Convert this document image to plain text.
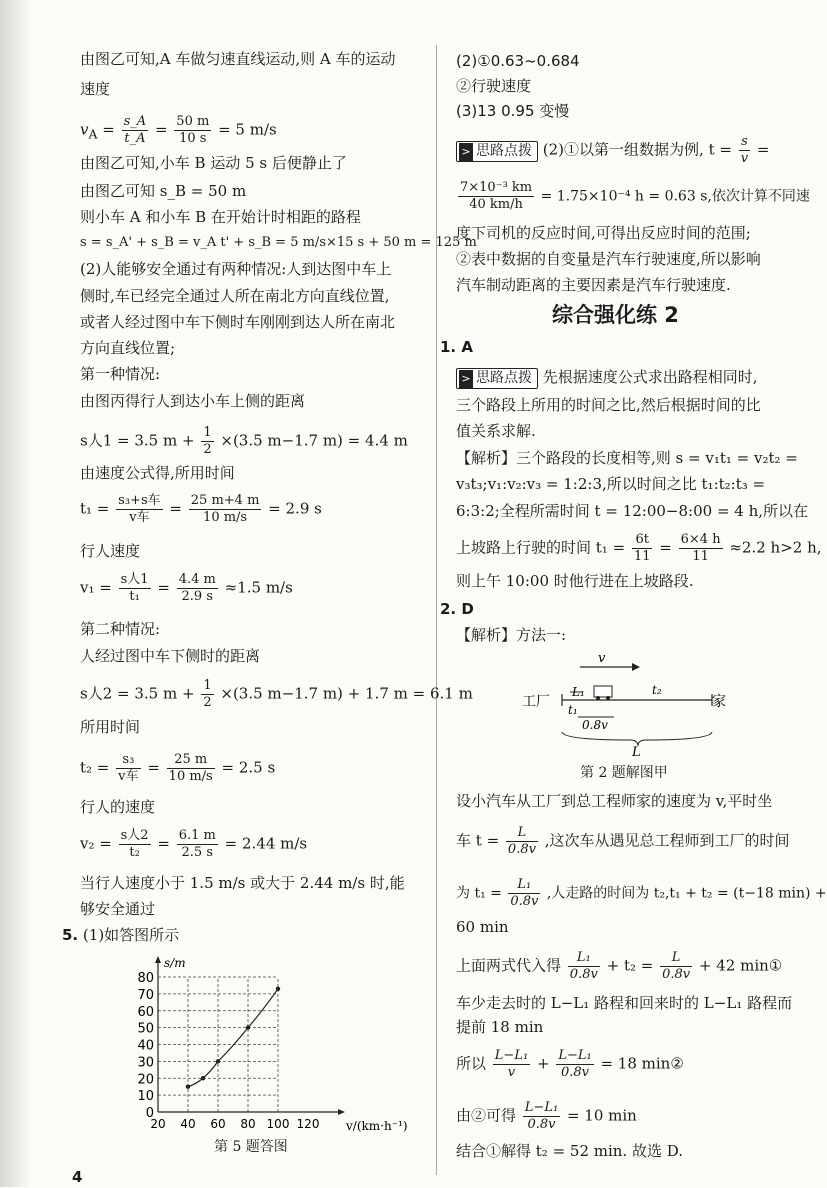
由图乙可知,A 车做匀速直线运动,则 A 车的运动
速度
$v_A = \frac{s\_A}{t\_A} = \frac{50 m}{10 s} = 5$ m/s
由图乙可知,小车 B 运动 5 s 后便静止了
由图乙可知 s_B = 50 m
则小车 A 和小车 B 在开始计时相距的路程
s = s_A' + s_B = v_A t' + s_B = 5 m/s×15 s + 50 m = 125 m
(2)人能够安全通过有两种情况:人到达图中车上
侧时,车已经完全通过人所在南北方向直线位置,
或者人经过图中车下侧时车刚刚到达人所在南北
方向直线位置;
第一种情况:
由图丙得行人到达小车上侧的距离
s人1 = 3.5 $m + \frac{1}{2} \times(3.5$ m−1.7 m) = 4.4 m
由速度公式得,所用时间
$t_1 = \frac{\text{s₃+s车}}{\text{v车}} = \frac{25 m+4 m}{10 m/s} = 2.9$ s
行人速度
$v_1 = \frac{\text{s人1}}{\text{t₁}} = \frac{4.4 m}{2.9 s} \approx 1.5$ m/s
第二种情况:
人经过图中车下侧时的距离
s人2 = 3.5 $m + \frac{1}{2} \times(3.5$ m−1.7 m) + 1.7 m = 6.1 m
所用时间
$t_2 = \frac{\text{s₃}}{\text{v车}} = \frac{25 m}{10 m/s} = 2.5$ s
行人的速度
$v_2 = \frac{\text{s人2}}{\text{t₂}} = \frac{6.1 m}{2.5 s} = 2.44$ m/s
当行人速度小于 1.5 m/s 或大于 2.44 m/s 时,能
够安全通过
5. (1)如答图所示
0
10
20
30
40
50
60
70
80
20 40 60 80 100 120
s/m
v/(km·h⁻¹)
第 5 题答图
4
(2)①0.63~0.684
②行驶速度
(3)13 0.95 变慢
> 思路点拨 (2)①以第一组数据为例, $t = \frac{s}{v}$ =
$\frac{\text{7×10⁻³ km}}{40 km/h} = 1.75\times 10^{-4}$ h = 0.63 s,依次计算不同速
度下司机的反应时间,可得出反应时间的范围;
②表中数据的自变量是汽车行驶速度,所以影响
汽车制动距离的主要因素是汽车行驶速度.
综合强化练 2
1. A
> 思路点拨 先根据速度公式求出路程相同时,
三个路段上所用的时间之比,然后根据时间的比
值关系求解.
【解析】三个路段的长度相等,则 s = v₁t₁ = v₂t₂ =
v₃t₃;v₁:v₂:v₃ = 1:2:3,所以时间之比 t₁:t₂:t₃ =
6:3:2;全程所需时间 t = 12:00−8:00 = 4 h,所以在
上坡路上行驶的时间 $t_1 = \frac{6t}{11} = \frac{6\times 4 h}{11} \approx 2.2$ h>2 h,
则上午 10:00 时他行进在上坡路段.
2. D
【解析】方法一:
v
L₁	t₂
工厂	家
t₁
0.8v
L
第 2 题解图甲
设小汽车从工厂到总工程师家的速度为 v,平时坐
车 $t = \frac{L}{0.8v}$ ,这次车从遇见总工程师到工厂的时间
为 $t_1 = \frac{\text{L₁}}{0.8v}$ ,人走路的时间为 t₂,t₁ + t₂ = (t−18 min) +
60 min
上面两式代入得 $\frac{\text{L₁}}{0.8v} + t_2 = \frac{L}{0.8v} + 42$ min①
车少走去时的 L−L₁ 路程和回来时的 L−L₁ 路程而
提前 18 min
所以 $\frac{\text{L−L₁}}{v} + \frac{\text{L−L₁}}{0.8v} = 18$ min②
由②可得 $\frac{\text{L−L₁}}{0.8v} = 10$ min
结合①解得 t₂ = 52 min. 故选 D.
